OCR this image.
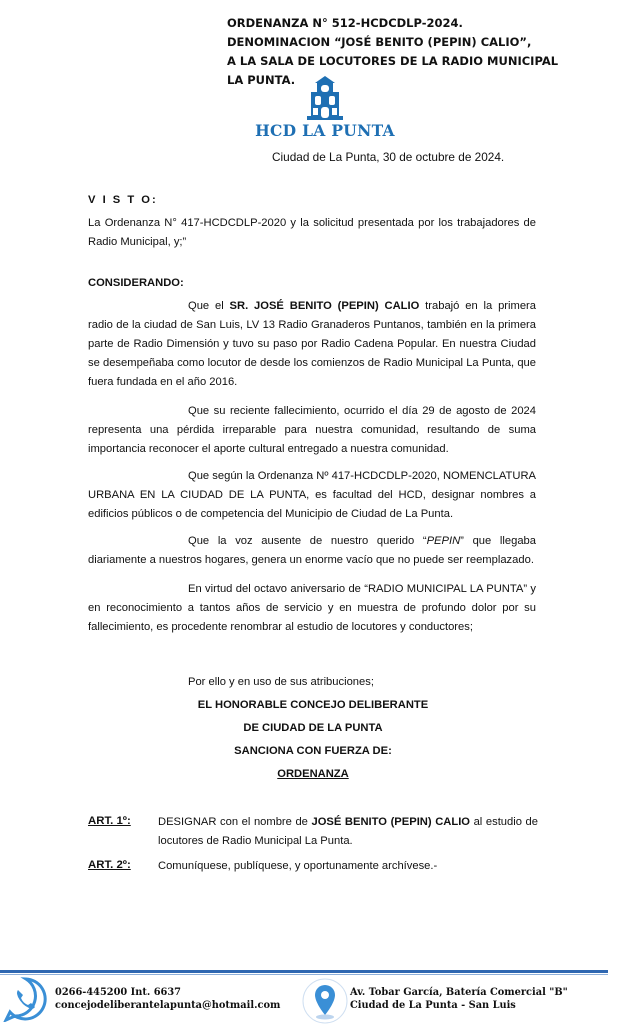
ORDENANZA N° 512-HCDCDLP-2024.
DENOMINACION “JOSÉ BENITO (PEPIN) CALIO”,
A LA SALA DE LOCUTORES DE LA RADIO MUNICIPAL
LA PUNTA.
HCD LA PUNTA
Ciudad de La Punta, 30 de octubre de 2024.
V I S T O:
La Ordenanza N° 417-HCDCDLP-2020 y la solicitud presentada por los trabajadores de Radio Municipal, y;”
CONSIDERANDO:
Que el SR. JOSÉ BENITO (PEPIN) CALIO trabajó en la primera radio de la ciudad de San Luis, LV 13 Radio Granaderos Puntanos, también en la primera parte de Radio Dimensión y tuvo su paso por Radio Cadena Popular. En nuestra Ciudad se desempeñaba como locutor de desde los comienzos de Radio Municipal La Punta, que fuera fundada en el año 2016.
Que su reciente fallecimiento, ocurrido el día 29 de agosto de 2024 representa una pérdida irreparable para nuestra comunidad, resultando de suma importancia reconocer el aporte cultural entregado a nuestra comunidad.
Que según la Ordenanza Nº 417-HCDCDLP-2020, NOMENCLATURA URBANA EN LA CIUDAD DE LA PUNTA, es facultad del HCD, designar nombres a edificios públicos o de competencia del Municipio de Ciudad de La Punta.
Que la voz ausente de nuestro querido “PEPIN” que llegaba diariamente a nuestros hogares, genera un enorme vacío que no puede ser reemplazado.
En virtud del octavo aniversario de “RADIO MUNICIPAL LA PUNTA” y en reconocimiento a tantos años de servicio y en muestra de profundo dolor por su fallecimiento, es procedente renombrar al estudio de locutores y conductores;
Por ello y en uso de sus atribuciones;
EL HONORABLE CONCEJO DELIBERANTE
DE CIUDAD DE LA PUNTA
SANCIONA CON FUERZA DE:
ORDENANZA
ART. 1º: DESIGNAR con el nombre de JOSÉ BENITO (PEPIN) CALIO al estudio de locutores de Radio Municipal La Punta.
ART. 2º: Comuníquese, publíquese, y oportunamente archívese.-
0266-445200 Int. 6637
concejodeliberantelapunta@hotmail.com
Av. Tobar García, Batería Comercial "B"
Ciudad de La Punta - San Luis
